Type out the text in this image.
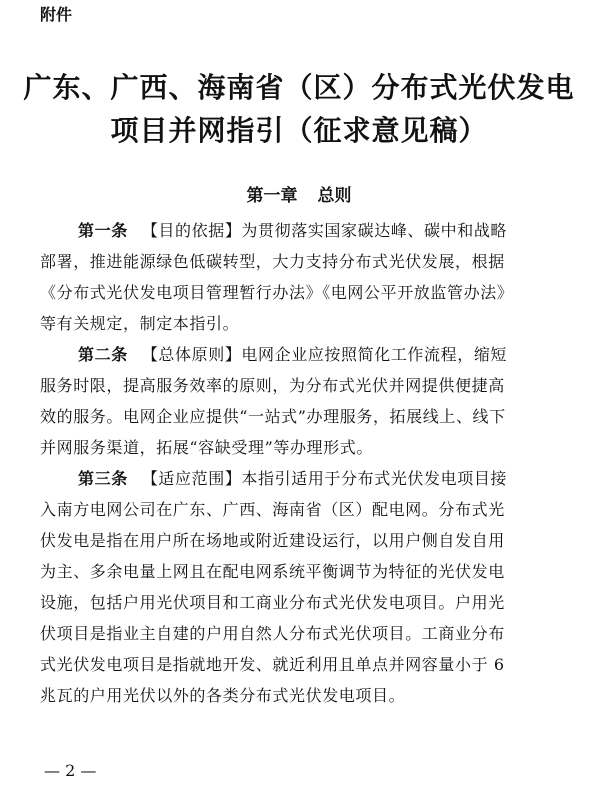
附件
广东、广西、海南省（区）分布式光伏发电
项目并网指引（征求意见稿）
第一章 总则

第一条 【目的依据】为贯彻落实国家碳达峰、碳中和战略
部署，推进能源绿色低碳转型，大力支持分布式光伏发展，根据
《分布式光伏发电项目管理暂行办法》《电网公平开放监管办法》
等有关规定，制定本指引。

第二条 【总体原则】电网企业应按照简化工作流程，缩短
服务时限，提高服务效率的原则，为分布式光伏并网提供便捷高
效的服务。电网企业应提供“一站式”办理服务，拓展线上、线下
并网服务渠道，拓展“容缺受理”等办理形式。

第三条 【适应范围】本指引适用于分布式光伏发电项目接
入南方电网公司在广东、广西、海南省（区）配电网。分布式光
伏发电是指在用户所在场地或附近建设运行，以用户侧自发自用
为主、多余电量上网且在配电网系统平衡调节为特征的光伏发电
设施，包括户用光伏项目和工商业分布式光伏发电项目。户用光
伏项目是指业主自建的户用自然人分布式光伏项目。工商业分布
式光伏发电项目是指就地开发、就近利用且单点并网容量小于 6
兆瓦的户用光伏以外的各类分布式光伏发电项目。

— 2 —
